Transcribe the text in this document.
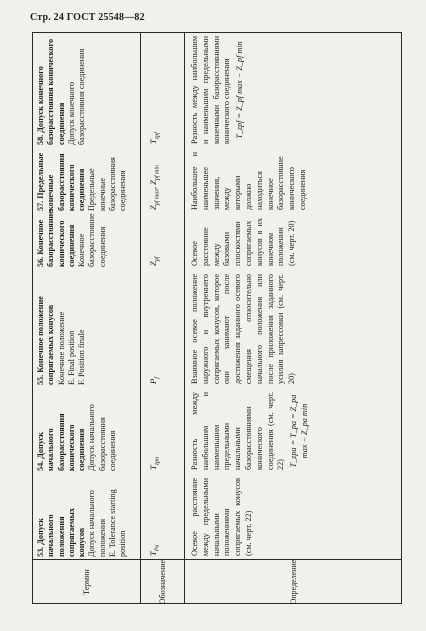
Стр. 24 ГОСТ 25548—82
Термин	Обозначение	Определение
53. Допуск начального положения сопрягаемых конусов Допуск начального положения E. Tolerance starting position $T_{Pa}$	Осевое расстояние между предельными начальными положениями сопрягаемых конусов (см. черт. 22)
54. Допуск начального базорасстояния конического соединения Допуск начального базорасстояния соединения	$T_{zpa}$	Разность между наибольшим и наименьшим предельными начальными базорасстояниями конического соединения (см. черт. 22) T_zpa = T_pa = Z_pa max − Z_pa min
55. Конечное положение сопрягаемых конусов Конечное положение E. Final position
F. Position finale
$P_f$	Взаимное осевое положение наружного и внутреннего сопрягаемых конусов, которое они занимают после достижения заданного осевого смещения относительно начального положения или после приложения заданного усилия запрессовки (см. черт. 20)
56. Конечное базорасстояние конического соединения Конечное базорасстояние соединения	$Z_{pf}$	Осевое расстояние между базовыми плоскостями сопрягаемых конусов в их конечном положении (см. черт. 20)
57. Предельные конечные базорасстояния конического соединения Предельные конечные базорасстояния соединения $Z_{pf max}$, $Z_{pf min}$	Наибольшее и наименьшее значения, между которыми должно находиться конечное базорасстояние конического соединения
58. Допуск конечного базорасстояния конического соединения Допуск конечного базорасстояния соединения	$T_{zpf}$	Разность между наибольшим и наименьшим предельными конечными базорасстояниями конического соединения T_zpf = Z_pf max − Z_pf min
